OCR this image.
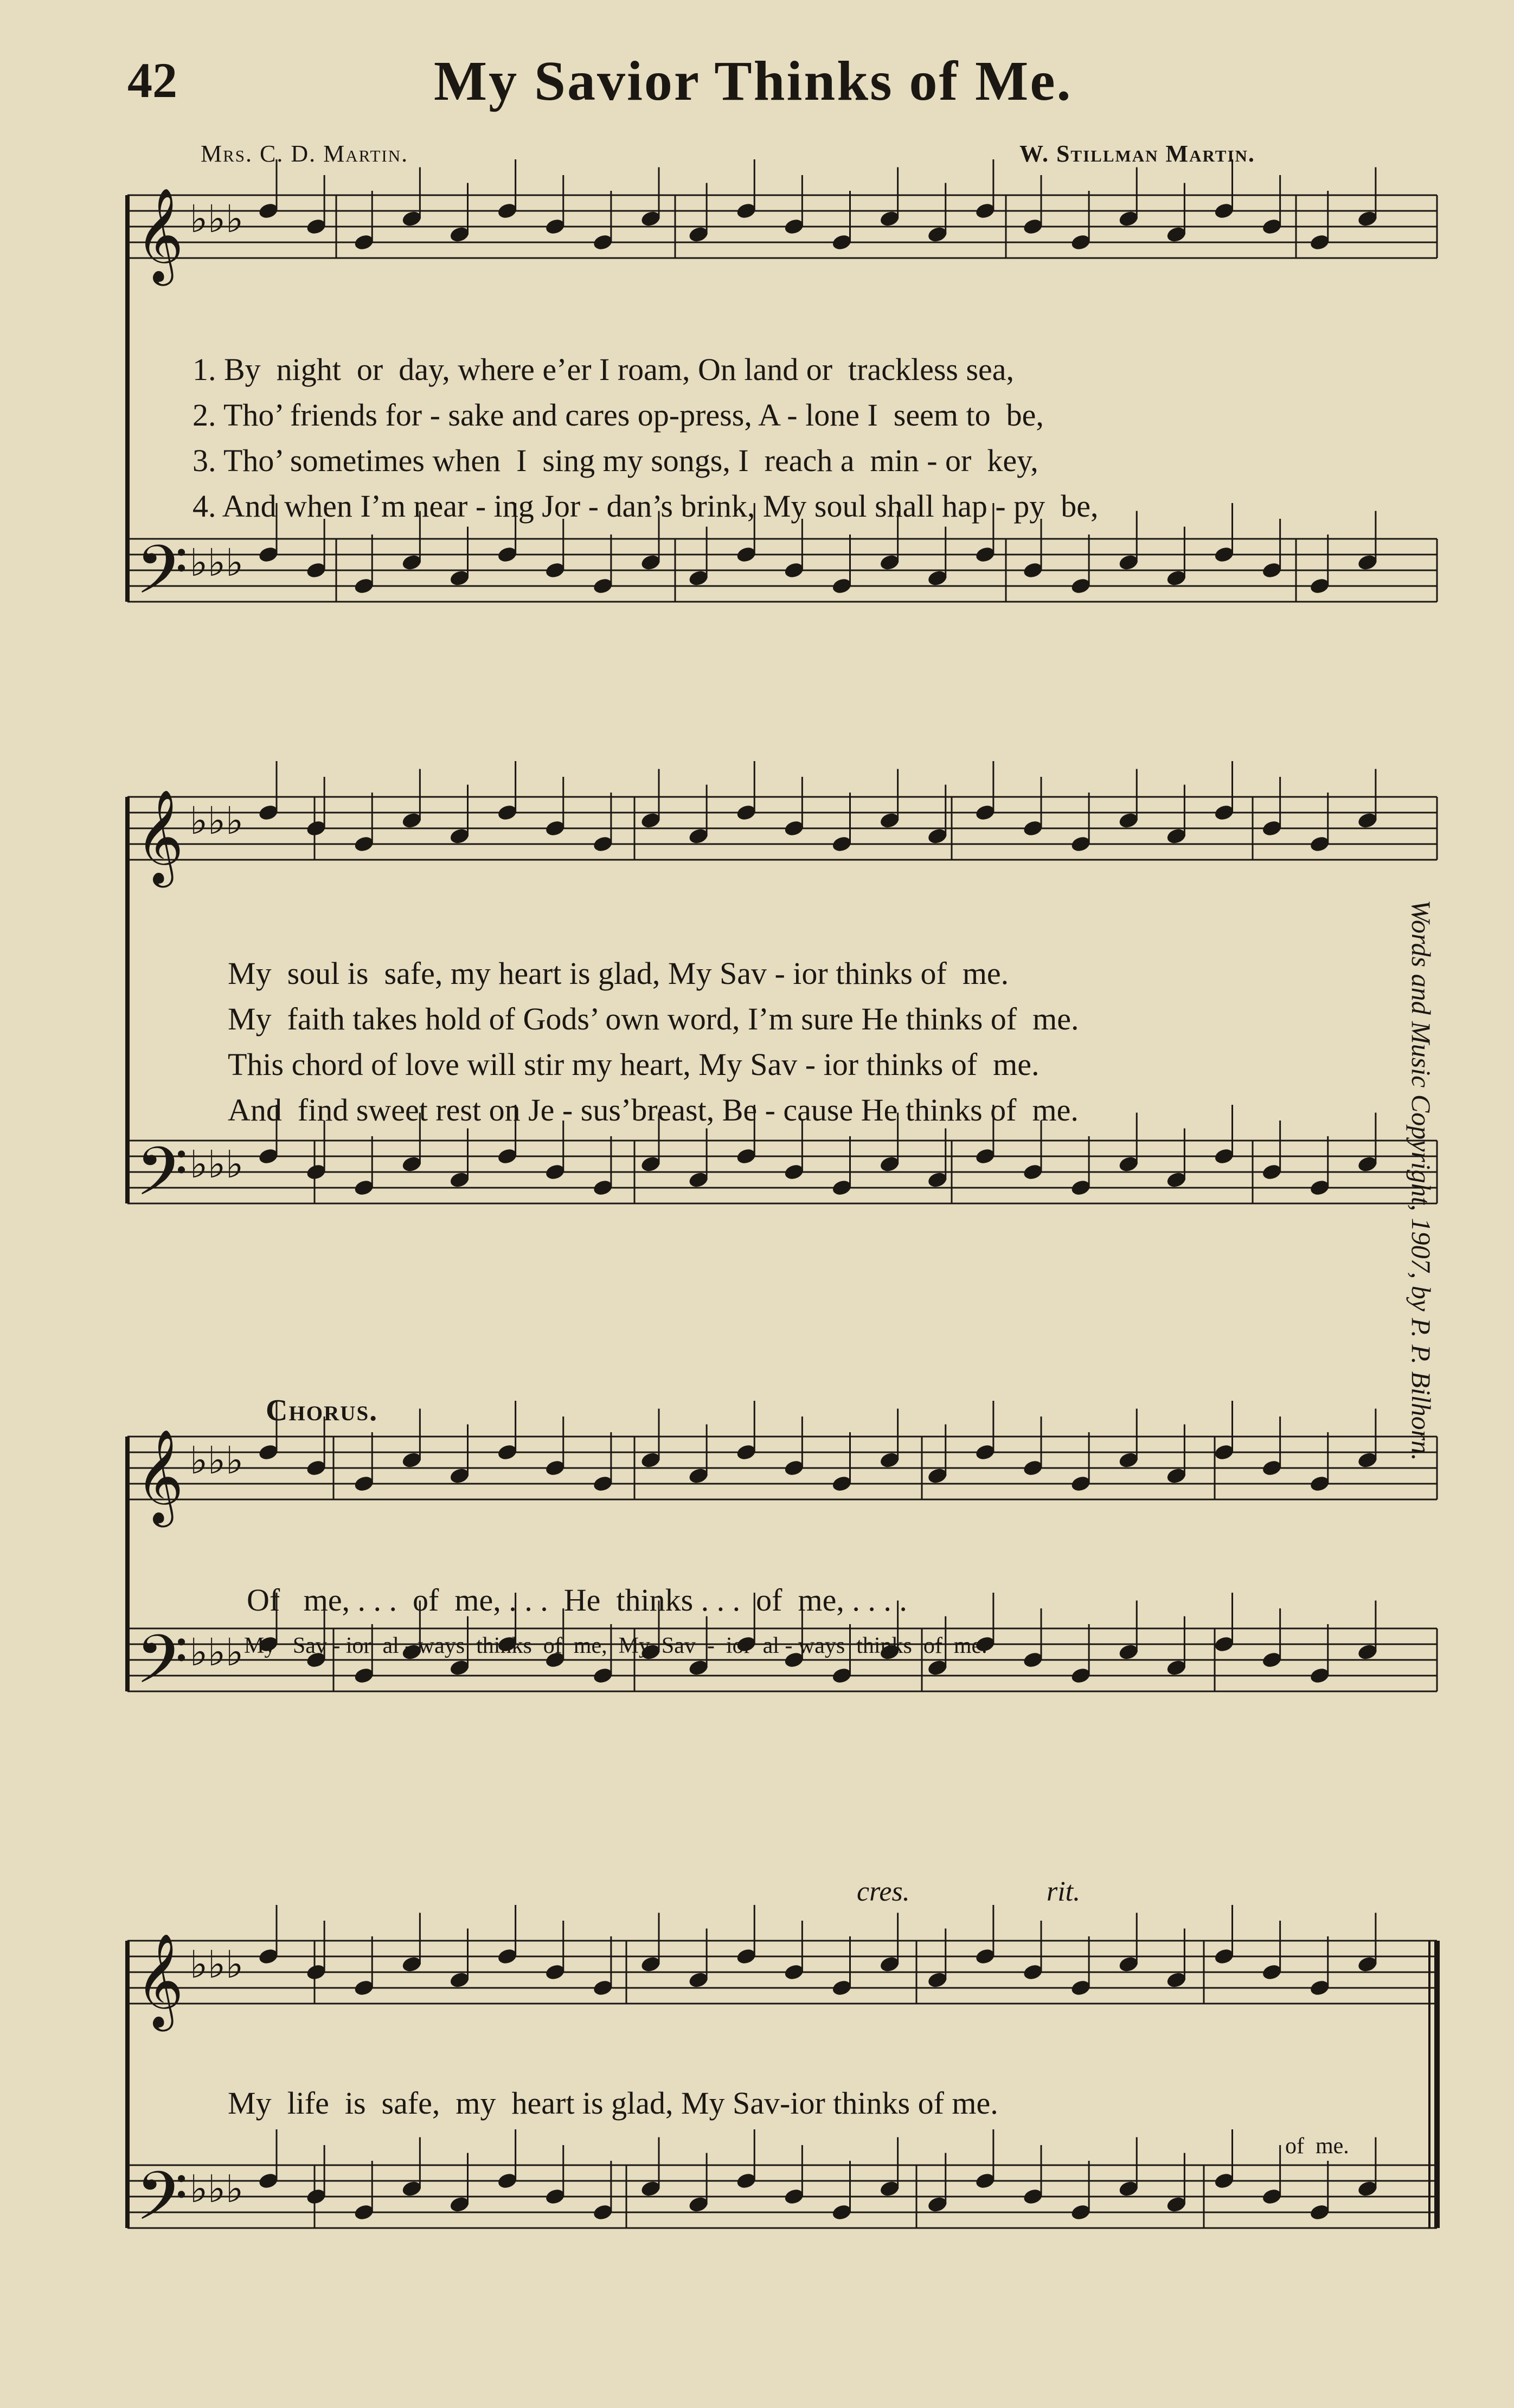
42	My Savior Thinks of Me.
Mrs. C. D. Martin.	W. Stillman Martin.
𝄞 ♭♭♭
𝄢 ♭♭♭
𝄞 ♭♭♭
𝄢 ♭♭♭
𝄞 ♭♭♭
𝄢 ♭♭♭
𝄞 ♭♭♭
𝄢 ♭♭♭
1. By  night  or  day, where e’er I roam, On land or  trackless sea,
2. Tho’ friends for - sake and cares op-press, A - lone I  seem to  be,
3. Tho’ sometimes when  I  sing my songs, I  reach a  min - or  key,
4. And when I’m near - ing Jor - dan’s brink, My soul shall hap - py  be,
My  soul is  safe, my heart is glad, My Sav - ior thinks of  me.
My  faith takes hold of Gods’ own word, I’m sure He thinks of  me.
This chord of love will stir my heart, My Sav - ior thinks of  me.
And  find sweet rest on Je - sus’breast, Be - cause He thinks of  me.
Chorus.
Of   me, . . .  of  me, . . .  He  thinks . . .  of  me, . . . .
My   Sav - ior  al - ways  thinks  of  me,  My  Sav  -  ior  al - ways  thinks  of  me.
cres.	rit.
My  life  is  safe,  my  heart is glad, My Sav-ior thinks of me.
of  me.
Words and Music Copyright, 1907, by P. P. Bilhorn.
